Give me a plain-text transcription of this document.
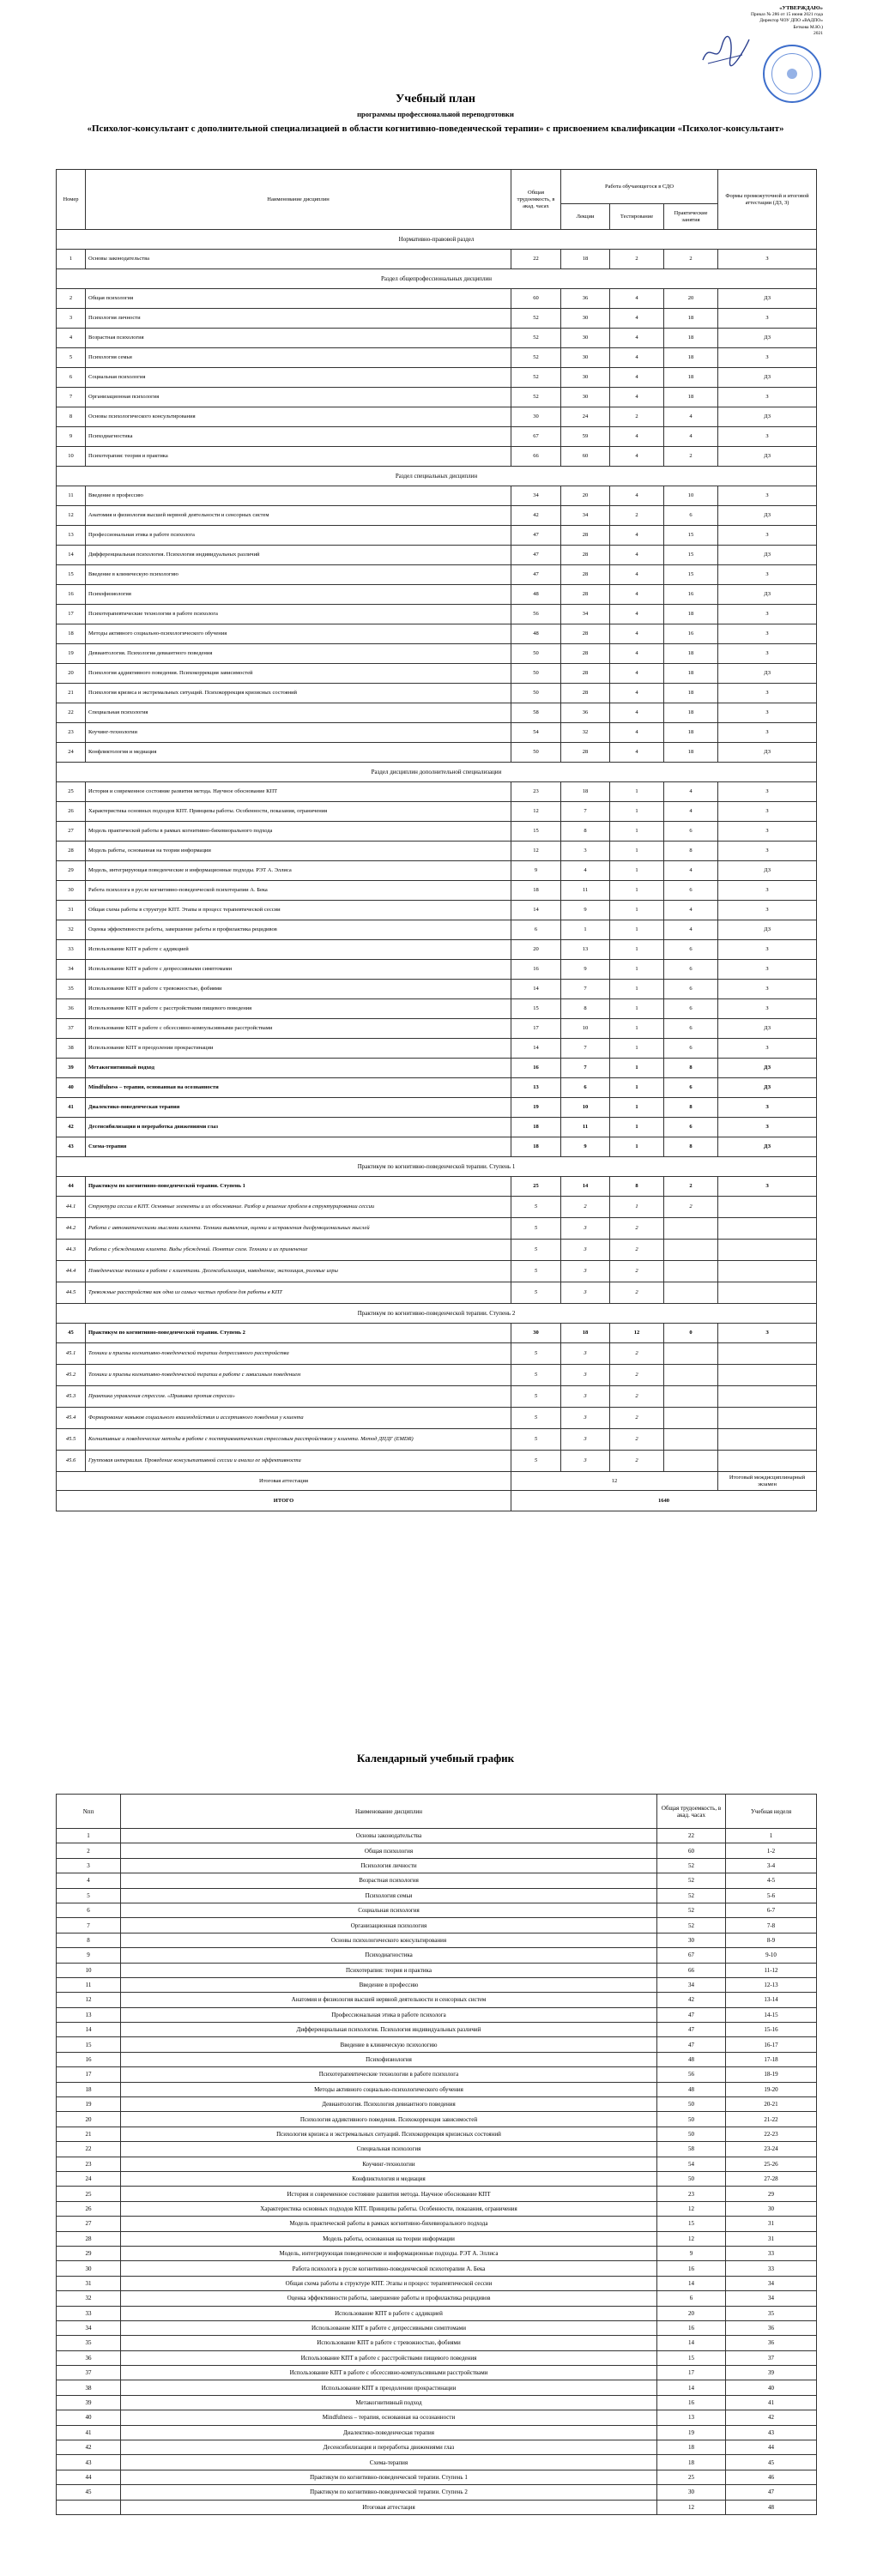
«УТВЕРЖДАЮ»
Приказ № 286 от 15 июня 2021 года
Директор ЧОУ ДПО «ВАДПО»
Беткова М.Ю.)
2021
Учебный план
программы профессиональной переподготовки
«Психолог-консультант с дополнительной специализацией в области когнитивно-поведенческой терапии» с присвоением квалификации «Психолог-консультант»
Номер	Наименование дисциплин	Общая трудоемкость, в акад. часах	Работа обучающегося в СДО			Формы промежуточной и итоговой аттестации (ДЗ, З)
			Лекции	Тестирование	Практические занятия	
Нормативно-правовой раздел						
1	Основы законодательства	22	18	2	2	З
Раздел общепрофессиональных дисциплин						
2	Общая психология	60	36	4	20	ДЗ
3	Психология личности	52	30	4	18	З
4	Возрастная психология	52	30	4	18	ДЗ
5	Психология семьи	52	30	4	18	З
6	Социальная психология	52	30	4	18	ДЗ
7	Организационная психология	52	30	4	18	З
8	Основы психологического консультирования	30	24	2	4	ДЗ
9	Психодиагностика	67	59	4	4	З
10	Психотерапия: теория и практика	66	60	4	2	ДЗ
Раздел специальных дисциплин						
11	Введение в профессию	34	20	4	10	З
12	Анатомия и физиология высшей нервной деятельности и сенсорных систем	42	34	2	6	ДЗ
13	Профессиональная этика в работе психолога	47	28	4	15	З
14	Дифференциальная психология. Психология индивидуальных различий	47	28	4	15	ДЗ
15	Введение в клиническую психологию	47	28	4	15	З
16	Психофизиология	48	28	4	16	ДЗ
17	Психотерапевтические технологии в работе психолога	56	34	4	18	З
18	Методы активного социально-психологического обучения	48	28	4	16	З
19	Девиантология. Психология девиантного поведения	50	28	4	18	З
20	Психология аддиктивного поведения. Психокоррекция зависимостей	50	28	4	18	ДЗ
21	Психология кризиса и экстремальных ситуаций. Психокоррекция кризисных состояний	50	28	4	18	З
22	Специальная психология	58	36	4	18	З
23	Коучинг-технологии	54	32	4	18	З
24	Конфликтология и медиация	50	28	4	18	ДЗ
Раздел дисциплин дополнительной специализации						
25	История и современное состояние развития метода. Научное обоснование КПТ	23	18	1	4	З
26	Характеристика основных подходов КПТ. Принципы работы. Особенности, показания, ограничения	12	7	1	4	З
27	Модель практической работы в рамках когнитивно-бихевиорального подхода	15	8	1	6	З
28	Модель работы, основанная на теории информации	12	3	1	8	З
29	Модель, интегрирующая поведенческие и информационные подходы. РЭТ А. Эллиса	9	4	1	4	ДЗ
30	Работа психолога в русле когнитивно-поведенческой психотерапии А. Бека	18	11	1	6	З
31	Общая схема работы в структуре КПТ. Этапы и процесс терапевтической сессии	14	9	1	4	З
32	Оценка эффективности работы, завершение работы и профилактика рецидивов	6	1	1	4	ДЗ
33	Использование КПТ в работе с аддикцией	20	13	1	6	З
34	Использование КПТ в работе с депрессивными симптомами	16	9	1	6	З
35	Использование КПТ в работе с тревожностью, фобиями	14	7	1	6	З
36	Использование КПТ в работе с расстройствами пищевого поведения	15	8	1	6	З
37	Использование КПТ в работе с обсессивно-компульсивными расстройствами	17	10	1	6	ДЗ
38	Использование КПТ в преодолении прокрастинации	14	7	1	6	З
39	Метакогнитивный подход	16	7	1	8	ДЗ
40	Mindfulness – терапия, основанная на осознанности	13	6	1	6	ДЗ
41	Диалектико-поведенческая терапия	19	10	1	8	З
42	Десенсибилизация и переработка движениями глаз	18	11	1	6	З
43	Схема-терапия	18	9	1	8	ДЗ
Практикум по когнитивно-поведенческой терапии. Ступень 1						
44	Практикум по когнитивно-поведенческой терапии. Ступень 1	25	14	8	2	З
44.1	Структура сессии в КПТ. Основные элементы и их обоснование. Разбор и решение проблем в структурировании сессии	5	2	1	2	
44.2	Работа с автоматическими мыслями клиента. Техники выявления, оценки и исправления дисфункциональных мыслей	5	3	2		
44.3	Работа с убеждениями клиента. Виды убеждений. Понятие схем. Техники и их применение	5	3	2		
44.4	Поведенческие техники в работе с клиентами. Десенсибилизация, наводнение, экспозиция, ролевые игры	5	3	2		
44.5	Тревожные расстройства как одна из самых частых проблем для работы в КПТ	5	3	2		
Практикум по когнитивно-поведенческой терапии. Ступень 2						
45	Практикум по когнитивно-поведенческой терапии. Ступень 2	30	18	12	0	З
45.1	Техники и приемы когнитивно-поведенческой терапии депрессивного расстройства	5	3	2		
45.2	Техники и приемы когнитивно-поведенческой терапии в работе с зависимым поведением	5	3	2		
45.3	Практика управления стрессом. «Прививка против стресса»	5	3	2		
45.4	Формирование навыков социального взаимодействия и ассертивного поведения у клиента	5	3	2		
45.5	Когнитивные и поведенческие методы в работе с посттравматическим стрессовым расстройством у клиента. Метод ДПДГ (EMDR)	5	3	2		
45.6	Групповая интервизия. Проведение консультативной сессии и анализ ее эффективности	5	3	2		
Итоговая аттестация		12				Итоговый междисциплинарный экзамен
ИТОГО		1640				
Календарный учебный график
Nпп	Наименование дисциплин	Общая трудоемкость, в акад. часах	Учебная неделя
1	Основы законодательства	22	1
2	Общая психология	60	1-2
3	Психология личности	52	3-4
4	Возрастная психология	52	4-5
5	Психология семьи	52	5-6
6	Социальная психология	52	6-7
7	Организационная психология	52	7-8
8	Основы психологического консультирования	30	8-9
9	Психодиагностика	67	9-10
10	Психотерапия: теория и практика	66	11-12
11	Введение в профессию	34	12-13
12	Анатомия и физиология высшей нервной деятельности и сенсорных систем	42	13-14
13	Профессиональная этика в работе психолога	47	14-15
14	Дифференциальная психология. Психология индивидуальных различий	47	15-16
15	Введение в клиническую психологию	47	16-17
16	Психофизиология	48	17-18
17	Психотерапевтические технологии в работе психолога	56	18-19
18	Методы активного социально-психологического обучения	48	19-20
19	Девиантология. Психология девиантного поведения	50	20-21
20	Психология аддиктивного поведения. Психокоррекция зависимостей	50	21-22
21	Психология кризиса и экстремальных ситуаций. Психокоррекция кризисных состояний	50	22-23
22	Специальная психология	58	23-24
23	Коучинг-технологии	54	25-26
24	Конфликтология и медиация	50	27-28
25	История и современное состояние развития метода. Научное обоснование КПТ	23	29
26	Характеристика основных подходов КПТ. Принципы работы. Особенности, показания, ограничения	12	30
27	Модель практической работы в рамках когнитивно-бихевиорального подхода	15	31
28	Модель работы, основанная на теории информации	12	31
29	Модель, интегрирующая поведенческие и информационные подходы. РЭТ А. Эллиса	9	33
30	Работа психолога в русле когнитивно-поведенческой психотерапии А. Бека	16	33
31	Общая схема работы в структуре КПТ. Этапы и процесс терапевтической сессии	14	34
32	Оценка эффективности работы, завершение работы и профилактика рецидивов	6	34
33	Использование КПТ в работе с аддикцией	20	35
34	Использование КПТ в работе с депрессивными симптомами	16	36
35	Использование КПТ в работе с тревожностью, фобиями	14	36
36	Использование КПТ в работе с расстройствами пищевого поведения	15	37
37	Использование КПТ в работе с обсессивно-компульсивными расстройствами	17	39
38	Использование КПТ в преодолении прокрастинации	14	40
39	Метакогнитивный подход	16	41
40	Mindfulness – терапия, основанная на осознанности	13	42
41	Диалектико-поведенческая терапия	19	43
42	Десенсибилизация и переработка движениями глаз	18	44
43	Схема-терапия	18	45
44	Практикум по когнитивно-поведенческой терапии. Ступень 1	25	46
45	Практикум по когнитивно-поведенческой терапии. Ступень 2	30	47
	Итоговая аттестация	12	48
